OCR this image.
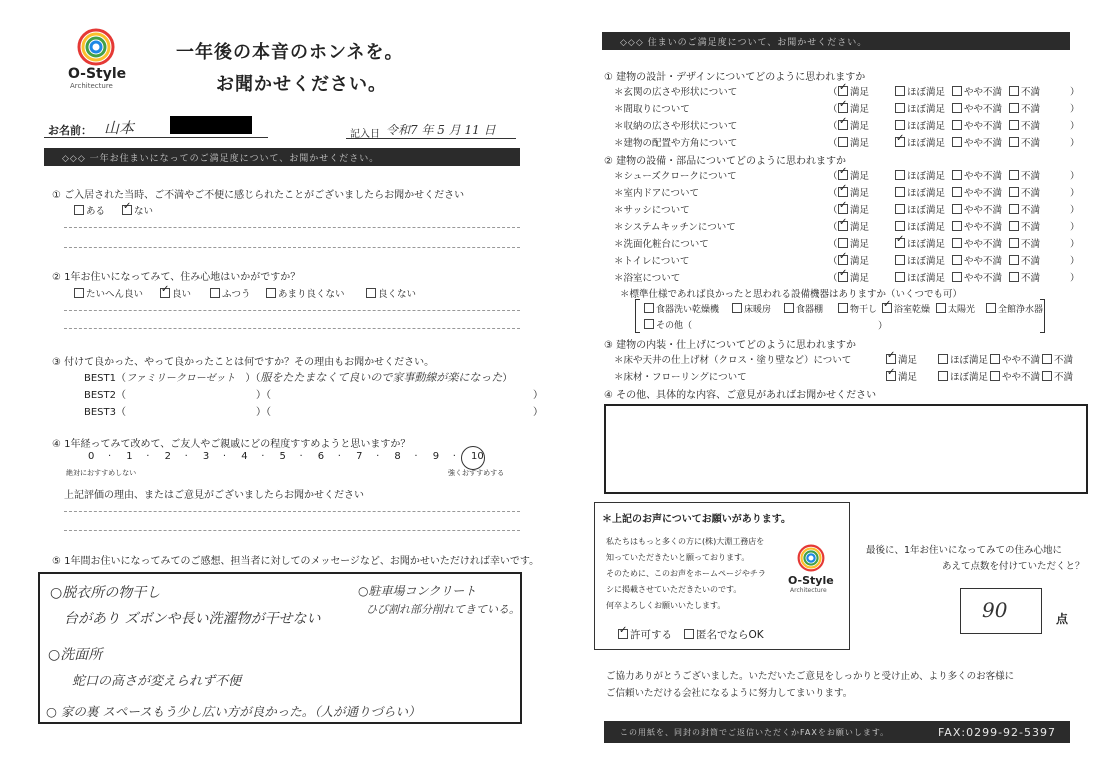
O-Style
Architecture
一年後の本音のホンネを。
お聞かせください。
お名前： 山本	記入日 令和7 年 5 月 11 日
◇◇◇ 一年お住まいになってのご満足度について、お聞かせください。
① ご入居された当時、ご不満やご不便に感じられたことがございましたらお聞かせください
ある ✓	ない
② 1年お住いになってみて、住み心地はいかがですか？
たいへん良い ✓	良い	ふつう	あまり良くない	良くない
③ 付けて良かった、やって良かったことは何ですか？その理由もお聞かせください。
BEST1（ファミリークローゼット　）（服をたたまなくて良いので家事動線が楽になった）
BEST2（	）（	）
BEST3（	）（	）
④ 1年経ってみて改めて、ご友人やご親戚にどの程度すすめようと思いますか？
0 · 1 · 2 · 3 · 4 · 5 · 6 · 7 · 8 · 9 · 10
絶対におすすめしない	強くおすすめする
上記評価の理由、またはご意見がございましたらお聞かせください
⑤ 1年間お住いになってみてのご感想、担当者に対してのメッセージなど、お聞かせいただければ幸いです。
○脱衣所の物干し
台があり ズボンや長い洗濯物が干せない
○洗面所
蛇口の高さが変えられず不便
○ 家の裏 スペースもう少し広い方が良かった。（人が通りづらい）
○駐車場コンクリート
ひび割れ部分削れてきている。
◇◇◇ 住まいのご満足度について、お聞かせください。
① 建物の設計・デザインについてどのように思われますか
＊玄関の広さや形状について	（ ✓	満足	ほぼ満足	やや不満	不満	）
＊間取りについて	（ ✓	満足	ほぼ満足	やや不満	不満	）
＊収納の広さや形状について	（ ✓	満足	ほぼ満足	やや不満	不満	）
＊建物の配置や方角について	（	満足 ✓	ほぼ満足	やや不満	不満	）
② 建物の設備・部品についてどのように思われますか
＊シューズクロークについて	（ ✓	満足	ほぼ満足	やや不満	不満	）
＊室内ドアについて	（ ✓	満足	ほぼ満足	やや不満	不満	）
＊サッシについて	（ ✓	満足	ほぼ満足	やや不満	不満	）
＊システムキッチンについて	（ ✓	満足	ほぼ満足	やや不満	不満	）
＊洗面化粧台について	（	満足 ✓	ほぼ満足	やや不満	不満	）
＊トイレについて	（ ✓	満足	ほぼ満足	やや不満	不満	）
＊浴室について	（ ✓	満足	ほぼ満足	やや不満	不満	）
＊標準仕様であれば良かったと思われる設備機器はありますか（いくつでも可）
食器洗い乾燥機	床暖房	食器棚	物干し ✓	浴室乾燥	太陽光	全館浄水器
その他（	）
③ 建物の内装・仕上げについてどのように思われますか
＊床や天井の仕上げ材（クロス・塗り壁など）について ✓	満足	ほぼ満足	やや不満	不満
＊床材・フローリングについて ✓	満足	ほぼ満足	やや不満	不満
④ その他、具体的な内容、ご意見があればお聞かせください
＊上記のお声についてお願いがあります。
私たちはもっと多くの方に(株)大淵工務店を
知っていただきたいと願っております。
そのために、このお声をホームページやチラ
シに掲載させていただきたいのです。
何卒よろしくお願いいたします。
O-Style
Architecture
✓許可する	匿名でならOK
最後に、1年お住いになってみての住み心地に
あえて点数を付けていただくと？
90	点
ご協力ありがとうございました。いただいたご意見をしっかりと受け止め、より多くのお客様に
ご信頼いただける会社になるように努力してまいります。
この用紙を、同封の封筒でご返信いただくかFAXをお願いします。	FAX:0299-92-5397
